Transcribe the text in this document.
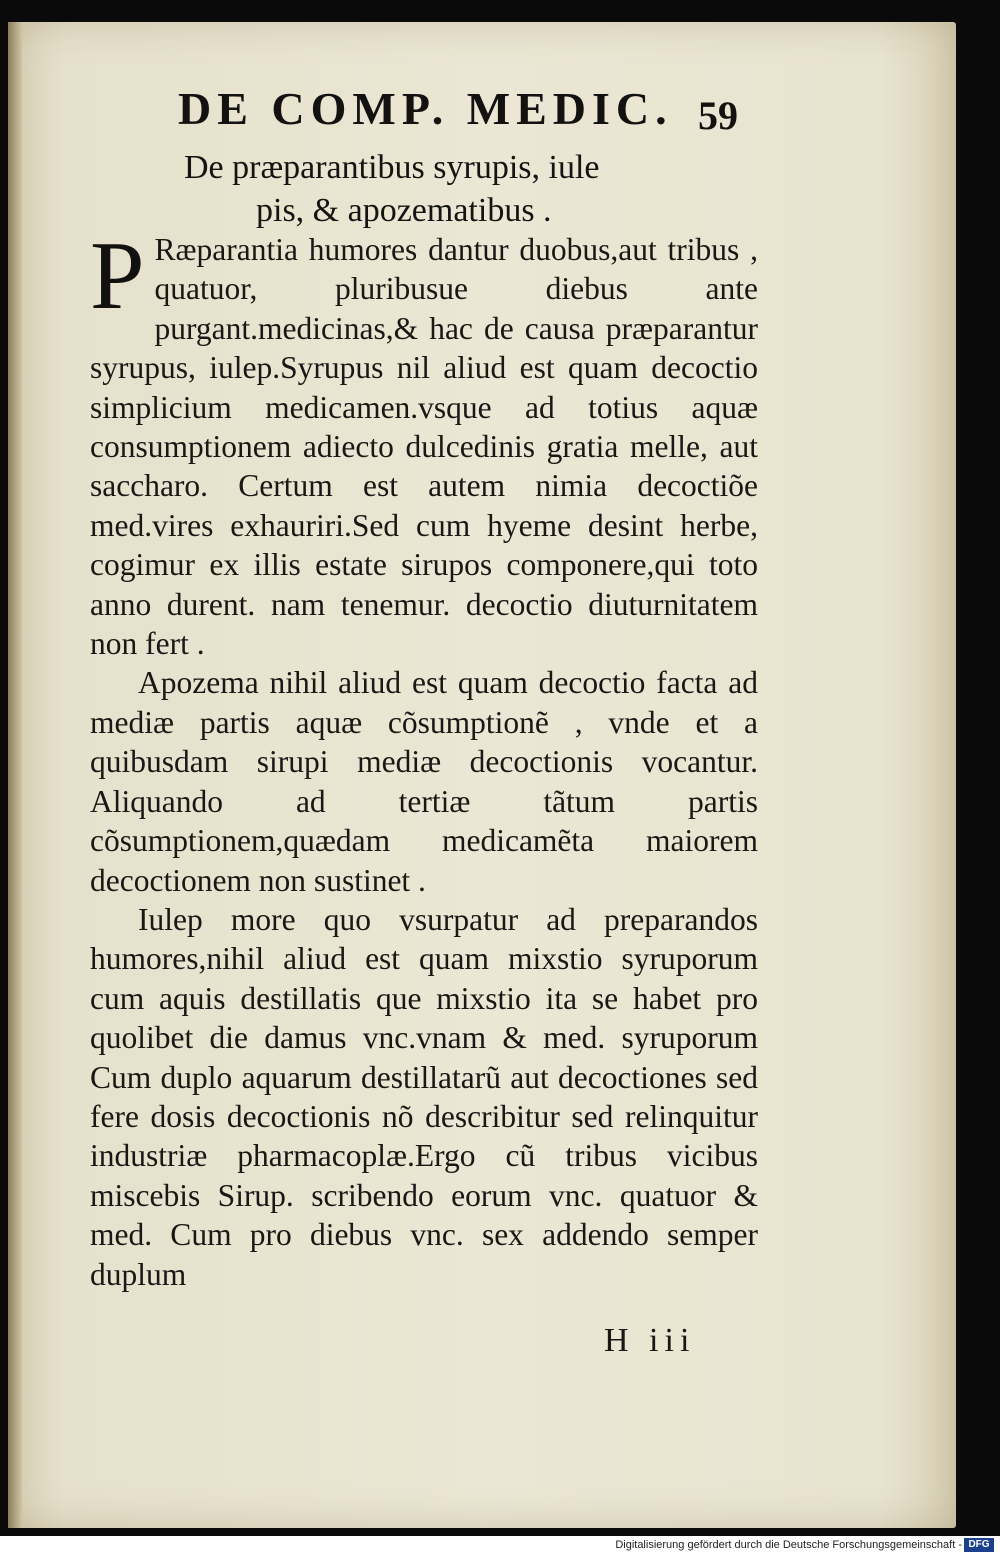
DE COMP. MEDIC. 59
De præparantibus syrupis, iule
pis, & apozematibus .

P Ræparantia humores dantur duobus,aut tribus , quatuor, pluribusue diebus ante purgant.medicinas,& hac de causa præparantur syrupus, iulep.Syrupus nil aliud est quam decoctio simplicium medicamen.vsque ad totius aquæ consumptionem adiecto dulcedinis gratia melle, aut saccharo. Certum est autem nimia decoctiõe med.vires exhauriri.Sed cum hyeme desint herbe, cogimur ex illis estate sirupos componere,qui toto anno durent. nam tenemur. decoctio diuturnitatem non fert .

Apozema nihil aliud est quam decoctio facta ad mediæ partis aquæ cõsumptionẽ , vnde et a quibusdam sirupi mediæ decoctionis vocantur. Aliquando ad tertiæ tãtum partis cõsumptionem,quædam medicamẽta maiorem decoctionem non sustinet .

Iulep more quo vsurpatur ad preparandos humores,nihil aliud est quam mixstio syruporum cum aquis destillatis que mixstio ita se habet pro quolibet die damus vnc.vnam & med. syruporum Cum duplo aquarum destillatarũ aut decoctiones sed fere dosis decoctionis nõ describitur sed relinquitur industriæ pharmacoplæ.Ergo cũ tribus vicibus miscebis Sirup. scribendo eorum vnc. quatuor & med. Cum pro diebus vnc. sex addendo semper duplum

H iii
Digitalisierung gefördert durch die Deutsche Forschungsgemeinschaft - DFG
